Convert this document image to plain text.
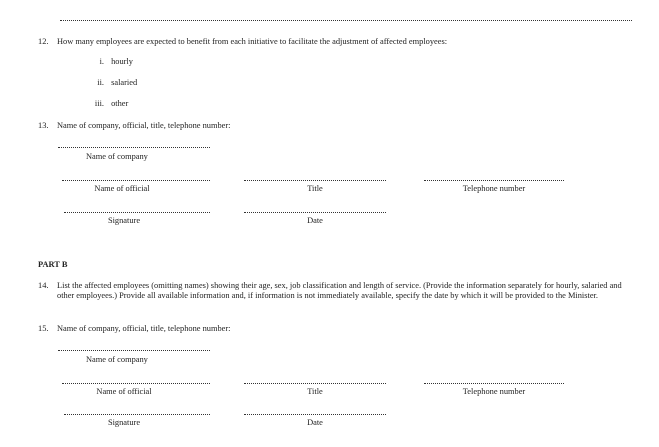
12. How many employees are expected to benefit from each initiative to facilitate the adjustment of affected employees:
i. hourly
ii. salaried
iii. other
13. Name of company, official, title, telephone number:
Name of company
Name of official	Title	Telephone number
Signature	Date
PART B
14. List the affected employees (omitting names) showing their age, sex, job classification and length of service. (Provide the information separately for hourly, salaried and other employees.) Provide all available information and, if information is not immediately available, specify the date by which it will be provided to the Minister.
15. Name of company, official, title, telephone number:
Name of company
Name of official	Title	Telephone number
Signature	Date
